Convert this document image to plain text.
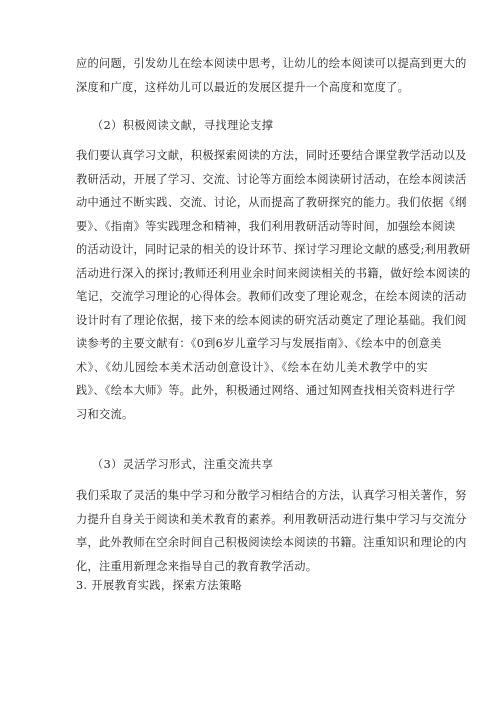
应的问题，引发幼儿在绘本阅读中思考，让幼儿的绘本阅读可以提高到更大的
深度和广度，这样幼儿可以最近的发展区提升一个高度和宽度了。
（2）积极阅读文献，寻找理论支撑
我们要认真学习文献，积极探索阅读的方法，同时还要结合课堂教学活动以及
教研活动，开展了学习、交流、讨论等方面绘本阅读研讨活动，在绘本阅读活
动中通过不断实践、交流、讨论，从而提高了教研探究的能力。我们依据《纲
要》、《指南》等实践理念和精神，我们利用教研活动等时间，加强绘本阅读
的活动设计，同时记录的相关的设计环节、探讨学习理论文献的感受;利用教研
活动进行深入的探讨;教师还利用业余时间来阅读相关的书籍，做好绘本阅读的
笔记，交流学习理论的心得体会。教师们改变了理论观念，在绘本阅读的活动
设计时有了理论依据，接下来的绘本阅读的研究活动奠定了理论基础。我们阅
读参考的主要文献有：《0到6岁儿童学习与发展指南》、《绘本中的创意美
术》、《幼儿园绘本美术活动创意设计》、《绘本在幼儿美术教学中的实
践》、《绘本大师》等。此外，积极通过网络、通过知网查找相关资料进行学
习和交流。
（3）灵活学习形式，注重交流共享
我们采取了灵活的集中学习和分散学习相结合的方法，认真学习相关著作，努
力提升自身关于阅读和美术教育的素养。利用教研活动进行集中学习与交流分
享，此外教师在空余时间自己积极阅读绘本阅读的书籍。注重知识和理论的内
化，注重用新理念来指导自己的教育教学活动。
3. 开展教育实践，探索方法策略
